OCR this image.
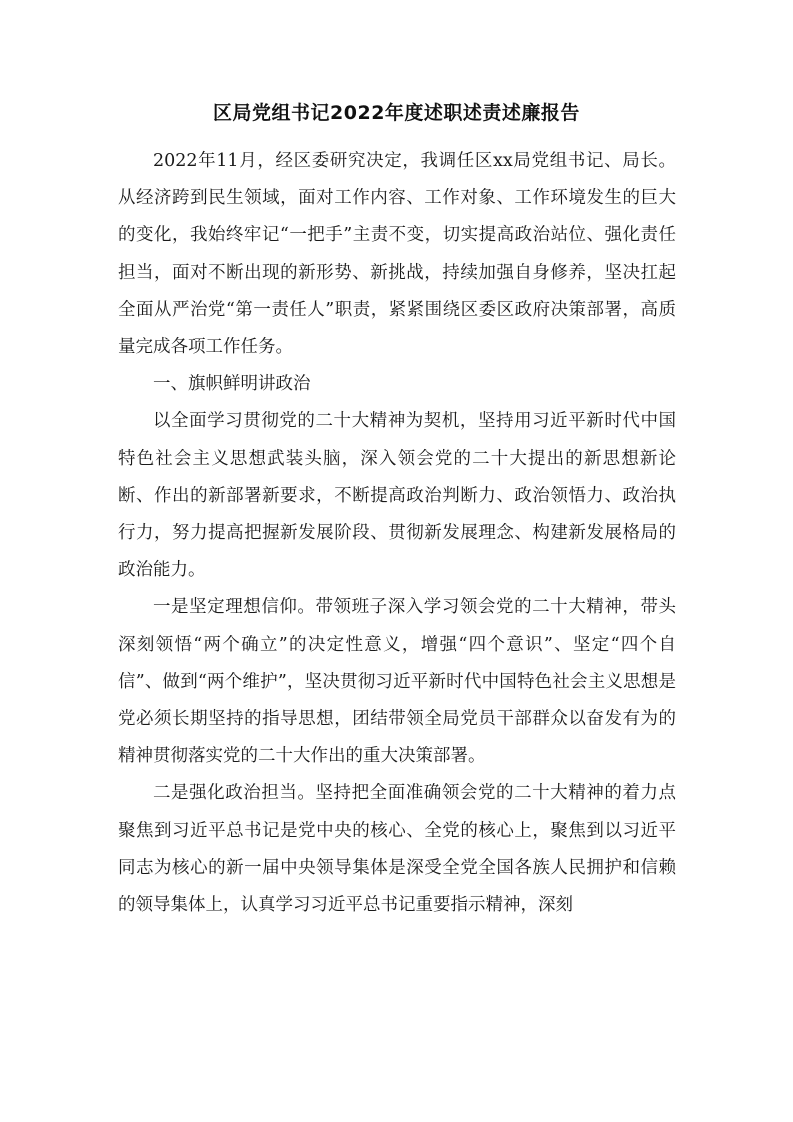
区局党组书记2022年度述职述责述廉报告

2022年11月，经区委研究决定，我调任区xx局党组书记、局长。从经济跨到民生领域，面对工作内容、工作对象、工作环境发生的巨大的变化，我始终牢记“一把手”主责不变，切实提高政治站位、强化责任担当，面对不断出现的新形势、新挑战，持续加强自身修养，坚决扛起全面从严治党“第一责任人”职责，紧紧围绕区委区政府决策部署，高质量完成各项工作任务。

一、旗帜鲜明讲政治

以全面学习贯彻党的二十大精神为契机，坚持用习近平新时代中国特色社会主义思想武装头脑，深入领会党的二十大提出的新思想新论断、作出的新部署新要求，不断提高政治判断力、政治领悟力、政治执行力，努力提高把握新发展阶段、贯彻新发展理念、构建新发展格局的政治能力。

一是坚定理想信仰。带领班子深入学习领会党的二十大精神，带头深刻领悟“两个确立”的决定性意义，增强“四个意识”、坚定“四个自信”、做到“两个维护”，坚决贯彻习近平新时代中国特色社会主义思想是党必须长期坚持的指导思想，团结带领全局党员干部群众以奋发有为的精神贯彻落实党的二十大作出的重大决策部署。

二是强化政治担当。坚持把全面准确领会党的二十大精神的着力点聚焦到习近平总书记是党中央的核心、全党的核心上，聚焦到以习近平同志为核心的新一届中央领导集体是深受全党全国各族人民拥护和信赖的领导集体上，认真学习习近平总书记重要指示精神，深刻
